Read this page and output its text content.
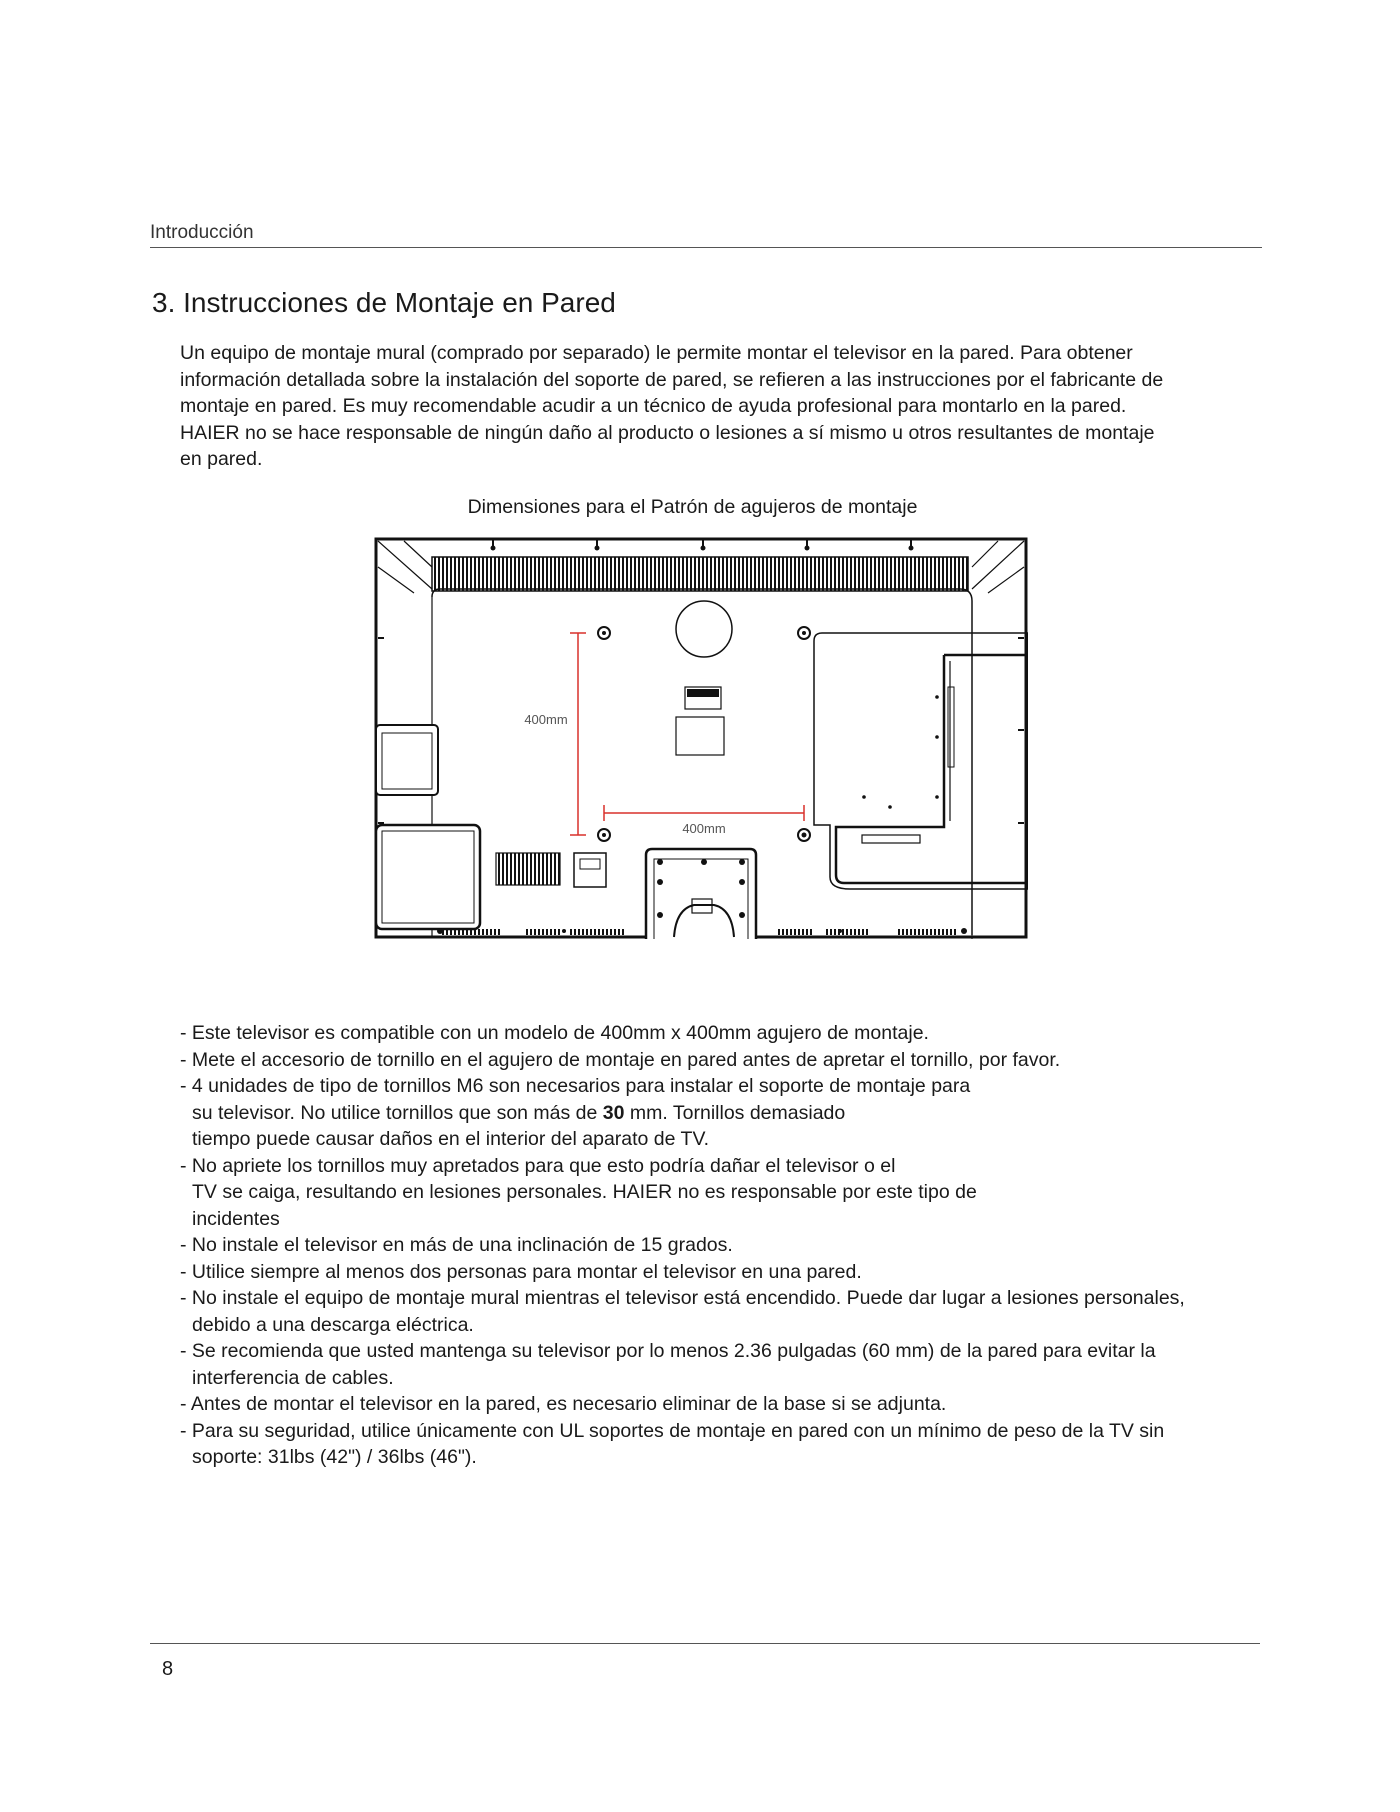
Introducción
3. Instrucciones de Montaje en Pared

Un equipo de montaje mural (comprado por separado) le permite montar el televisor en la pared. Para obtener

información detallada sobre la instalación del soporte de pared, se refieren a las instrucciones por el fabricante de

montaje en pared. Es muy recomendable acudir a un técnico de ayuda profesional para montarlo en la pared.

HAIER no se hace responsable de ningún daño al producto o lesiones a sí mismo u otros resultantes de montaje

en pared.

Dimensiones para el Patrón de agujeros de montaje
400mm
400mm
- Este televisor es compatible con un modelo de 400mm x 400mm agujero de montaje.
- Mete el accesorio de tornillo en el agujero de montaje en pared antes de apretar el tornillo, por favor.
- 4 unidades de tipo de tornillos M6 son necesarios para instalar el soporte de montaje para
su televisor. No utilice tornillos que son más de 30 mm. Tornillos demasiado
tiempo puede causar daños en el interior del aparato de TV.
- No apriete los tornillos muy apretados para que esto podría dañar el televisor o el
TV se caiga, resultando en lesiones personales. HAIER no es responsable por este tipo de
incidentes
- No instale el televisor en más de una inclinación de 15 grados.
- Utilice siempre al menos dos personas para montar el televisor en una pared.
- No instale el equipo de montaje mural mientras el televisor está encendido. Puede dar lugar a lesiones personales,
debido a una descarga eléctrica.
- Se recomienda que usted mantenga su televisor por lo menos 2.36 pulgadas (60 mm) de la pared para evitar la
interferencia de cables.
- Antes de montar el televisor en la pared, es necesario eliminar de la base si se adjunta.
- Para su seguridad, utilice únicamente con UL soportes de montaje en pared con un mínimo de peso de la TV sin
soporte: 31lbs (42") / 36lbs (46").
8
